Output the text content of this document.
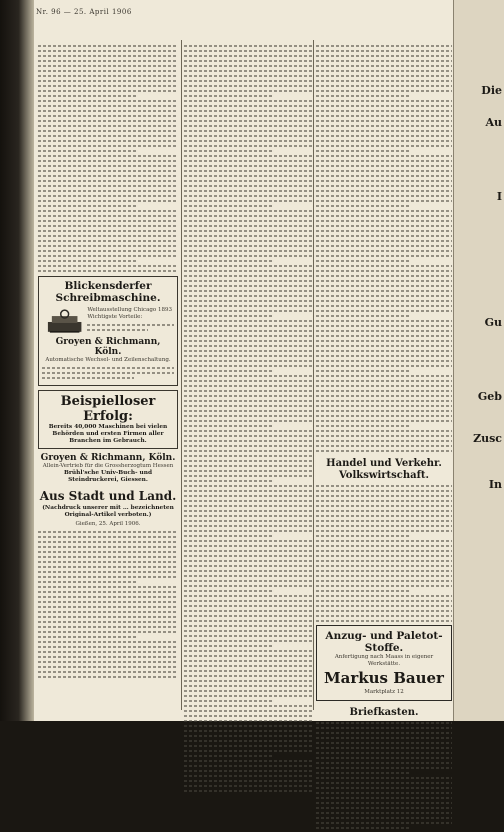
Die
Au
I
Gu
Geb
Zusc
In
Nr. 96 — 25. April 1906
Blickensderfer Schreibmaschine.
Weltausstellung Chicago 1893
Wichtigste Vorteile:
Groyen & Richmann, Köln.
Automatische Wechsel- und Zeilenschaltung.
Beispielloser Erfolg:
Bereits 40,000 Maschinen bei vielen Behörden und ersten Firmen aller Branchen im Gebrauch.
Groyen & Richmann, Köln.
Allein-Vertrieb für die Grossherzogtum Hessen
Brühl'sche Univ-Buch- und Steindruckerei, Giessen.
Aus Stadt und Land.
(Nachdruck unserer mit … bezeichneten Original-Artikel verboten.)
Gießen, 25. April 1906.
Handel und Verkehr. Volkswirtschaft.
Anzug- und Paletot-Stoffe.
Anfertigung nach Maass in eigener Werkstätte.
Markus Bauer
Marktplatz 12
Briefkasten.
